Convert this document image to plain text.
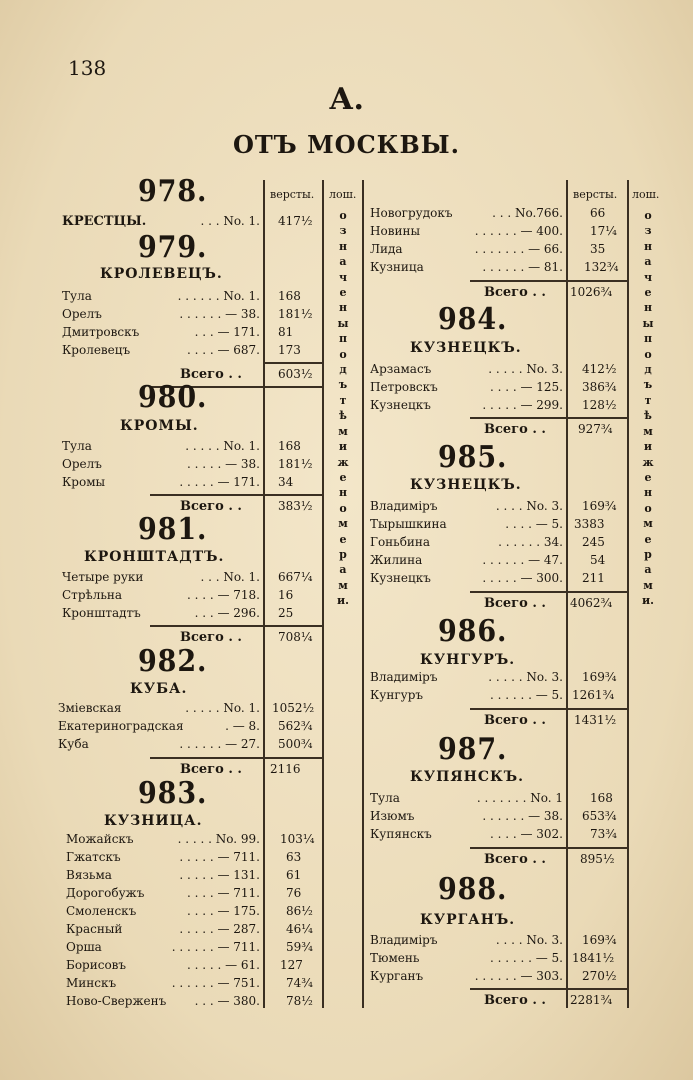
138
А.
ОТЪ МОСКВЫ.
версты. лош.	версты. лош.
означены подъ тѣми же номерами.
означены подъ тѣми же номерами.
978.
КРЕСТЦЫ.	. . . No. 1. 417½
979.
КРОЛЕВЕЦЪ.
Тула	. . . . . . No. 1. 168
Орелъ	. . . . . . — 38. 181½
Дмитровскъ	. . . — 171. 81
Кролевецъ	. . . . — 687. 173
Всего . .	603½
980.
КРОМЫ.
Тула	. . . . . No. 1. 168
Орелъ	. . . . . — 38. 181½
Кромы	. . . . . — 171. 34
Всего . .	383½
981.
КРОНШТАДТЪ.
Четыре руки	. . . No. 1. 667¼
Стрѣльна	. . . . — 718. 16
Кронштадтъ	. . . — 296. 25
Всего . .	708¼
982.
КУБА.
Зміевская	. . . . . No. 1. 1052½
Екатериноградская	. — 8. 562¾
Куба	. . . . . . — 27. 500¾
Всего . . 2116
983.
КУЗНИЦА.
Можайскъ	. . . . . No. 99. 103¼
Гжатскъ	. . . . . — 711. 63
Вязьма	. . . . . — 131. 61
Дорогобужъ	. . . . — 711. 76
Смоленскъ	. . . . — 175. 86½
Красный	. . . . . — 287. 46¼
Орша	. . . . . . — 711. 59¾
Борисовъ	. . . . . — 61. 127
Минскъ	. . . . . . — 751. 74¾
Ново-Сверженъ . . . — 380. 78½
Новогрудокъ	. . . No.766. 66
Новины	. . . . . . — 400. 17¼
Лида	. . . . . . . — 66. 35
Кузница	. . . . . . — 81. 132¾
Всего . . 1026¾
984.
КУЗНЕЦКЪ.
Арзамасъ	. . . . . No. 3. 412½
Петровскъ	. . . . — 125. 386¾
Кузнецкъ	. . . . . — 299. 128½
Всего . .	927¾
985.
КУЗНЕЦКЪ.
Владиміръ	. . . . No. 3. 169¾
Тырышкина	. . . . — 5. 3383
Гоньбина	. . . . . . 34. 245
Жилина	. . . . . . — 47. 54
Кузнецкъ	. . . . . — 300. 211
Всего . . 4062¾
986.
КУНГУРЪ.
Владиміръ	. . . . . No. 3. 169¾
Кунгуръ	. . . . . . — 5. 1261¾
Всего . . 1431½
987.
КУПЯНСКЪ.
Тула	. . . . . . . No. 1 168
Изюмъ	. . . . . . — 38. 653¾
Купянскъ	. . . . — 302. 73¾
Всего . .	895½
988.
КУРГАНЪ.
Владиміръ	. . . . No. 3. 169¾
Тюмень	. . . . . . — 5. 1841½
Курганъ	. . . . . . — 303. 270½
Всего . . 2281¾
